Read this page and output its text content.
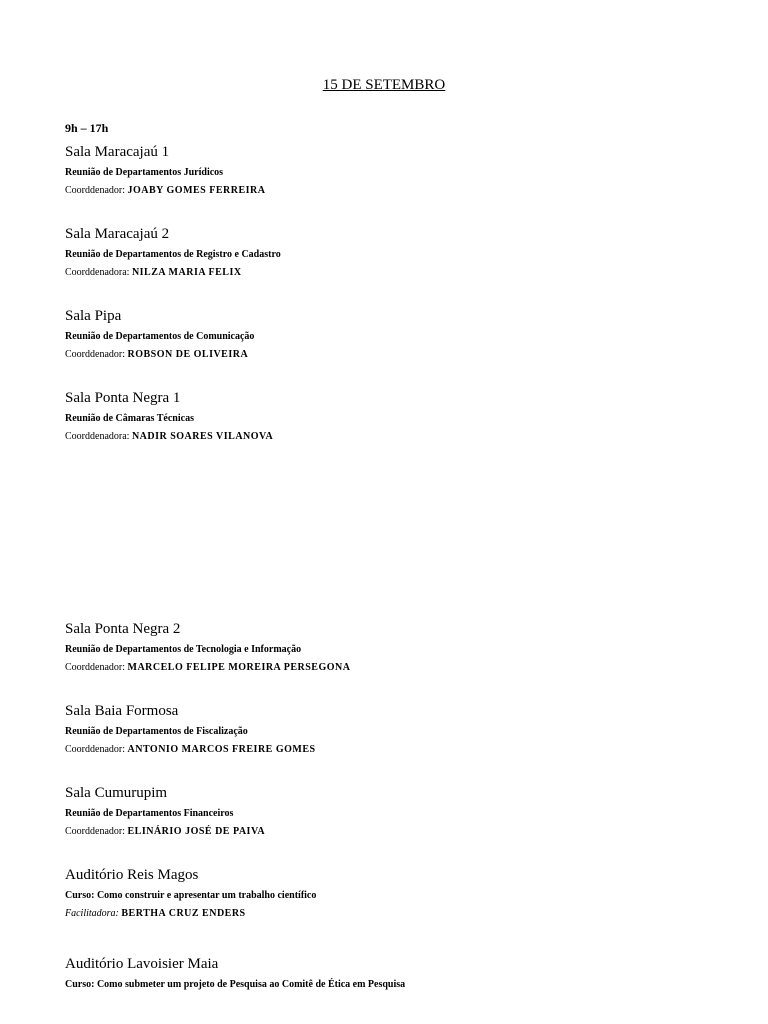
15 DE SETEMBRO

9h – 17h

Sala Maracajaú 1

Reunião de Departamentos Jurídicos

Coorddenador: JOABY GOMES FERREIRA

Sala Maracajaú 2

Reunião de Departamentos de Registro e Cadastro

Coorddenadora: NILZA MARIA FELIX

Sala Pipa

Reunião de Departamentos de Comunicação

Coorddenador: ROBSON DE OLIVEIRA

Sala Ponta Negra 1

Reunião de Câmaras Técnicas

Coorddenadora: NADIR SOARES VILANOVA

Sala Ponta Negra 2

Reunião de Departamentos de Tecnologia e Informação

Coorddenador: MARCELO FELIPE MOREIRA PERSEGONA

Sala Baia Formosa

Reunião de Departamentos de Fiscalização

Coorddenador: ANTONIO MARCOS FREIRE GOMES

Sala Cumurupim

Reunião de Departamentos Financeiros

Coorddenador: ELINÁRIO JOSÉ DE PAIVA

Auditório Reis Magos

Curso: Como construir e apresentar um trabalho científico

Facilitadora: BERTHA CRUZ ENDERS

Auditório Lavoisier Maia

Curso: Como submeter um projeto de Pesquisa ao Comitê de Ética em Pesquisa
